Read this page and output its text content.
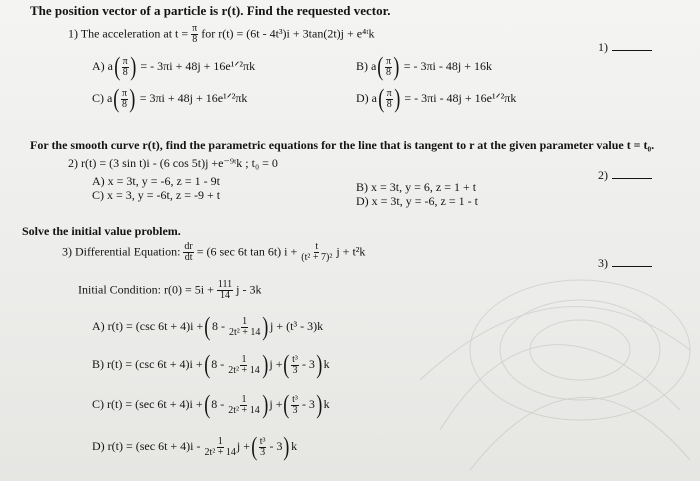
The position vector of a particle is r(t). Find the requested vector.
1) The acceleration at $t = \frac{\pi}{8}$ for r(t) = (6t - 4t³)i + 3tan(2t)j + e⁴ᵗk
1)
A) $a( \frac{\pi}{8}$ ) = - 3πi + 48j + 16e¹ᐟ²πk	B) $a( \frac{\pi}{8}$ ) = - 3πi - 48j + 16k
C) $a( \frac{\pi}{8}$ ) = 3πi + 48j + 16e¹ᐟ²πk	D) $a( \frac{\pi}{8}$ ) = - 3πi - 48j + 16e¹ᐟ²πk
For the smooth curve r(t), find the parametric equations for the line that is tangent to r at the given parameter value t = t₀.
2) r(t) = (3 sin t)i - (6 cos 5t)j +e⁻⁹ᵗk ; t₀ = 0
2)
A) x = 3t, y = -6, z = 1 - 9t	B) x = 3t, y = 6, z = 1 + t
C) x = 3, y = -6t, z = -9 + t	D) x = 3t, y = -6, z = 1 - t
Solve the initial value problem.
3) Differential Equation: $\frac{dr}{dt} = (6$ sec 6t tan 6t) $i + \frac{t}{\text{(t² + 7)²}}$ j + t²k
3)
Initial Condition: $r(0) = 5i + \frac{111}{14}$ j - 3k
A) r(t) = (csc $6t + 4)i +(8 - \frac{1}{\text{2t² + 14}} )j + (t^3 - 3)k$
B) r(t) = (csc $6t + 4)i +(8 - \frac{1}{\text{2t² + 14}} )j$ +( $\frac{\text{t³}}{3} - 3)k$
C) r(t) = (sec $6t + 4)i +(8 - \frac{1}{\text{2t² + 14}} )j$ +( $\frac{\text{t³}}{3} - 3)k$
D) r(t) = (sec $6t + 4)i - \frac{1}{\text{2t² + 14}}$ j +( $\frac{\text{t³}}{3} - 3)k$
